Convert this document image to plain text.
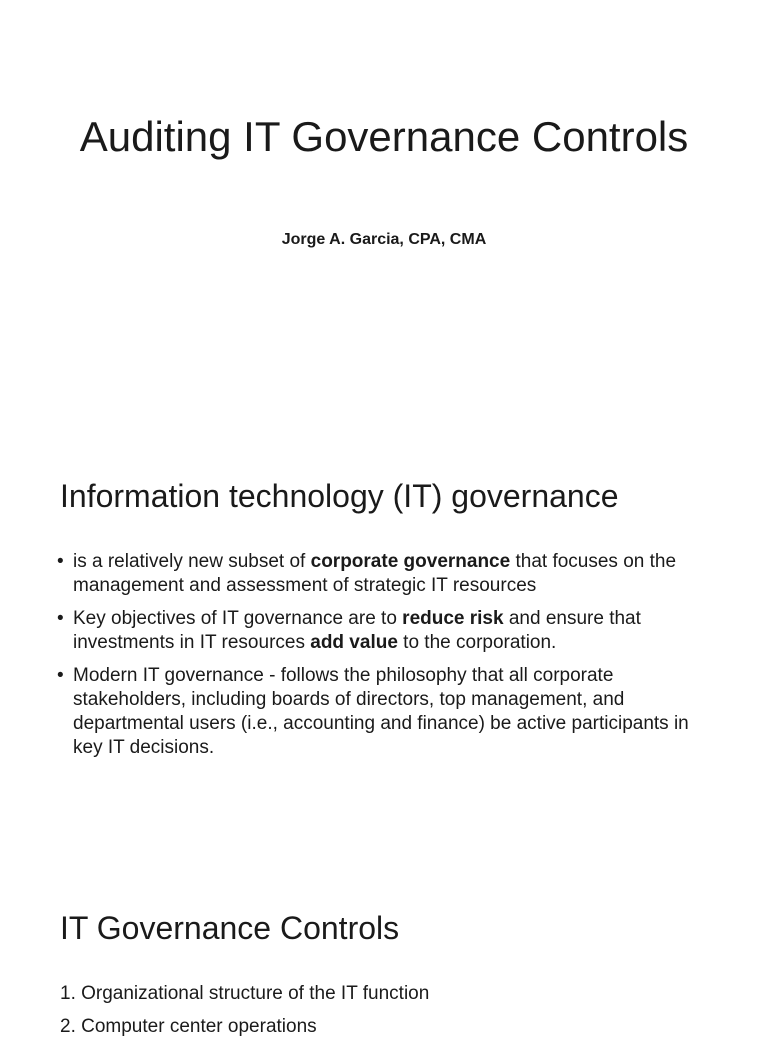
Auditing IT Governance Controls
Jorge A. Garcia, CPA, CMA
Information technology (IT) governance
• is a relatively new subset of corporate governance that focuses on the management and assessment of strategic IT resources
• Key objectives of IT governance are to reduce risk and ensure that investments in IT resources add value to the corporation.
• Modern IT governance - follows the philosophy that all corporate stakeholders, including boards of directors, top management, and departmental users (i.e., accounting and finance) be active participants in key IT decisions.
IT Governance Controls
1. Organizational structure of the IT function
2. Computer center operations
